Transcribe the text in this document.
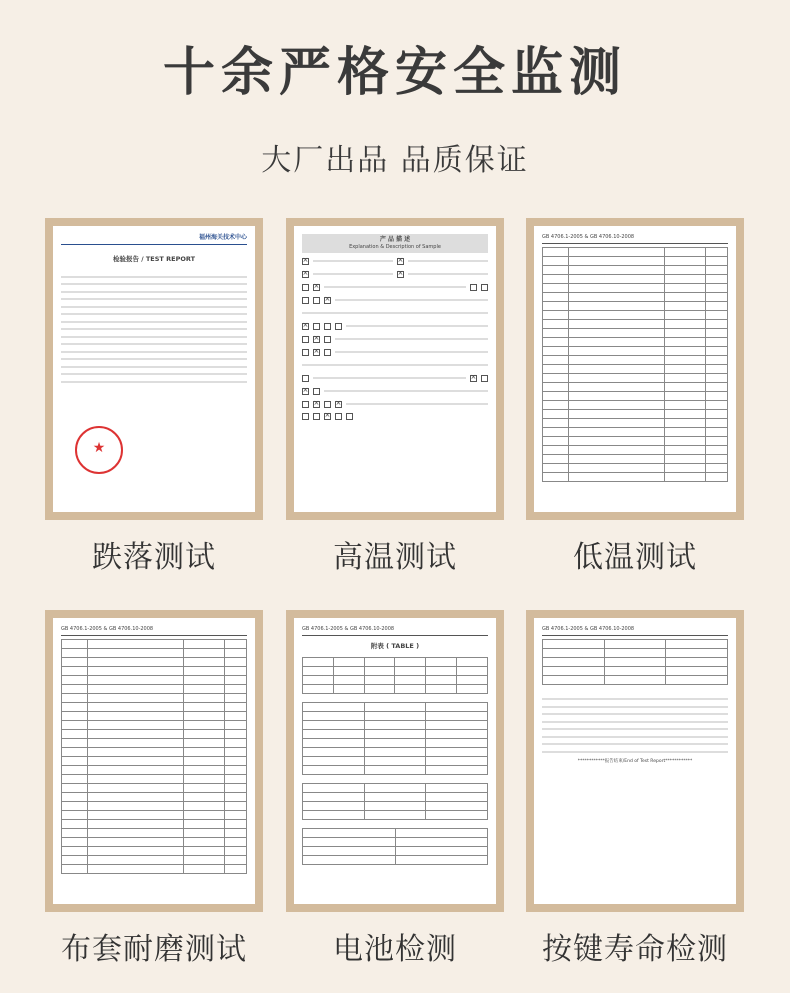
十余严格安全监测
大厂出品 品质保证
福州海关技术中心
检验报告 / TEST REPORT
★
跌落测试
产 品 描 述
Explanation & Description of Sample
×
×
×
×
×
×
×
×
×
×
×
×
×
×
高温测试
GB 4706.1-2005 & GB 4706.10-2008

低温测试
GB 4706.1-2005 & GB 4706.10-2008

布套耐磨测试
GB 4706.1-2005 & GB 4706.10-2008
附表 ( TABLE )

电池检测
GB 4706.1-2005 & GB 4706.10-2008

************报告结束/End of Test Report************
按键寿命检测
